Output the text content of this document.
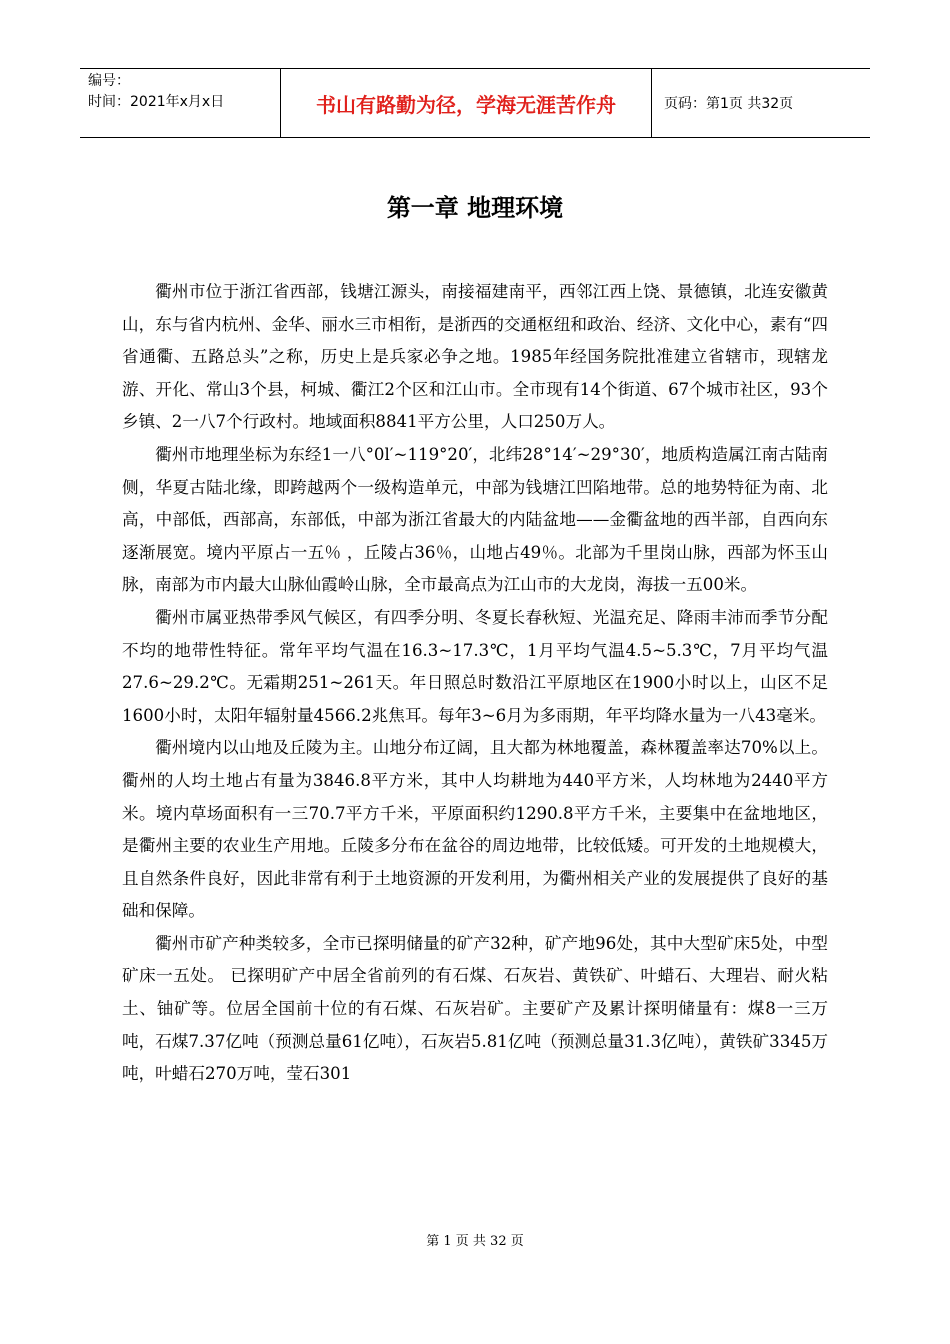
编号：
时间：2021年x月x日	书山有路勤为径，学海无涯苦作舟	页码：第1页 共32页
第一章 地理环境

衢州市位于浙江省西部，钱塘江源头，南接福建南平，西邻江西上饶、景德镇，北连安徽黄山，东与省内杭州、金华、丽水三市相衔，是浙西的交通枢纽和政治、经济、文化中心，素有“四省通衢、五路总头”之称，历史上是兵家必争之地。1985年经国务院批准建立省辖市，现辖龙游、开化、常山3个县，柯城、衢江2个区和江山市。全市现有14个街道、67个城市社区，93个乡镇、2一八7个行政村。地域面积8841平方公里，人口250万人。

衢州市地理坐标为东经1一八°0l′~119°20′，北纬28°14′~29°30′，地质构造属江南古陆南侧，华夏古陆北缘，即跨越两个一级构造单元，中部为钱塘江凹陷地带。总的地势特征为南、北高，中部低，西部高，东部低，中部为浙江省最大的内陆盆地——金衢盆地的西半部，自西向东逐渐展宽。境内平原占一五％ ，丘陵占36％，山地占49％。北部为千里岗山脉，西部为怀玉山脉，南部为市内最大山脉仙霞岭山脉，全市最高点为江山市的大龙岗，海拔一五00米。

衢州市属亚热带季风气候区，有四季分明、冬夏长春秋短、光温充足、降雨丰沛而季节分配不均的地带性特征。常年平均气温在16.3~17.3℃，1月平均气温4.5~5.3℃，7月平均气温27.6~29.2℃。无霜期251~261天。年日照总时数沿江平原地区在1900小时以上，山区不足1600小时，太阳年辐射量4566.2兆焦耳。每年3~6月为多雨期，年平均降水量为一八43毫米。

衢州境内以山地及丘陵为主。山地分布辽阔，且大都为林地覆盖，森林覆盖率达70%以上。衢州的人均土地占有量为3846.8平方米，其中人均耕地为440平方米，人均林地为2440平方米。境内草场面积有一三70.7平方千米，平原面积约1290.8平方千米，主要集中在盆地地区，是衢州主要的农业生产用地。丘陵多分布在盆谷的周边地带，比较低矮。可开发的土地规模大，且自然条件良好，因此非常有利于土地资源的开发利用，为衢州相关产业的发展提供了良好的基础和保障。

衢州市矿产种类较多，全市已探明储量的矿产32种，矿产地96处，其中大型矿床5处，中型矿床一五处。 已探明矿产中居全省前列的有石煤、石灰岩、黄铁矿、叶蜡石、大理岩、耐火粘土、铀矿等。位居全国前十位的有石煤、石灰岩矿。主要矿产及累计探明储量有：煤8一三万吨，石煤7.37亿吨（预测总量61亿吨），石灰岩5.81亿吨（预测总量31.3亿吨），黄铁矿3345万吨，叶蜡石270万吨，莹石301

第 1 页 共 32 页
